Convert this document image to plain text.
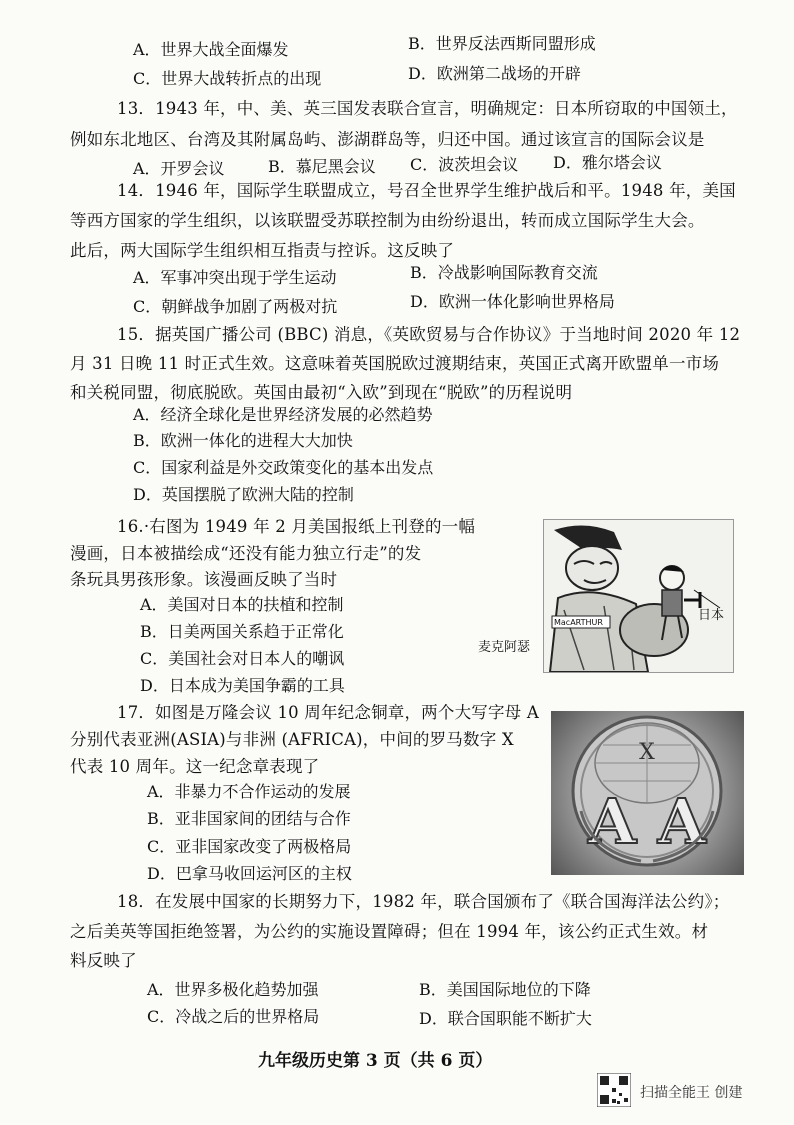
A．世界大战全面爆发	B．世界反法西斯同盟形成
C．世界大战转折点的出现	D．欧洲第二战场的开辟
13．1943 年，中、美、英三国发表联合宣言，明确规定：日本所窃取的中国领土，
例如东北地区、台湾及其附属岛屿、澎湖群岛等，归还中国。通过该宣言的国际会议是
A．开罗会议	B．慕尼黑会议 C．波茨坦会议 D．雅尔塔会议
14．1946 年，国际学生联盟成立，号召全世界学生维护战后和平。1948 年，美国
等西方国家的学生组织，以该联盟受苏联控制为由纷纷退出，转而成立国际学生大会。
此后，两大国际学生组织相互指责与控诉。这反映了
A．军事冲突出现于学生运动	B．冷战影响国际教育交流
C．朝鲜战争加剧了两极对抗	D．欧洲一体化影响世界格局
15．据英国广播公司 (BBC) 消息，《英欧贸易与合作协议》于当地时间 2020 年 12
月 31 日晚 11 时正式生效。这意味着英国脱欧过渡期结束，英国正式离开欧盟单一市场
和关税同盟，彻底脱欧。英国由最初“入欧”到现在“脱欧”的历程说明
A．经济全球化是世界经济发展的必然趋势
B．欧洲一体化的进程大大加快
C．国家利益是外交政策变化的基本出发点
D．英国摆脱了欧洲大陆的控制
16.·右图为 1949 年 2 月美国报纸上刊登的一幅
漫画，日本被描绘成“还没有能力独立行走”的发
条玩具男孩形象。该漫画反映了当时
A．美国对日本的扶植和控制
B．日美两国关系趋于正常化
C．美国社会对日本人的嘲讽
D．日本成为美国争霸的工具
MacARTHUR	日本
麦克阿瑟
17．如图是万隆会议 10 周年纪念铜章，两个大写字母 A
分别代表亚洲(ASIA)与非洲 (AFRICA)，中间的罗马数字 X
代表 10 周年。这一纪念章表现了
A．非暴力不合作运动的发展
B．亚非国家间的团结与合作
C．亚非国家改变了两极格局
D．巴拿马收回运河区的主权
X
A A
18．在发展中国家的长期努力下，1982 年，联合国颁布了《联合国海洋法公约》；
之后美英等国拒绝签署，为公约的实施设置障碍；但在 1994 年，该公约正式生效。材
料反映了
A．世界多极化趋势加强	B．美国国际地位的下降
C．冷战之后的世界格局	D．联合国职能不断扩大
九年级历史第 3 页（共 6 页）
扫描全能王 创建
